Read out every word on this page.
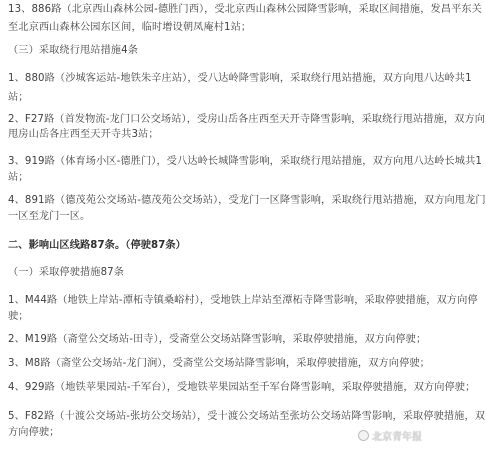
13、886路（北京西山森林公园-德胜门西），受北京西山森林公园降雪影响，采取区间措施，发昌平东关
至北京西山森林公园东区间，临时增设朝凤庵村1站；
（三）采取绕行甩站措施4条
1、880路（沙城客运站-地铁朱辛庄站），受八达岭降雪影响，采取绕行甩站措施，双方向甩八达岭共1
站；
2、F27路（首发物流-龙门口公交场站），受房山岳各庄西至天开寺降雪影响，采取绕行甩站措施，双方向
甩房山岳各庄西至天开寺共3站；
3、919路（体育场小区-德胜门），受八达岭长城降雪影响，采取绕行甩站措施，双方向甩八达岭长城共1
站；
4、891路（德茂苑公交场站-德茂苑公交场站），受龙门一区降雪影响，采取绕行甩站措施，双方向甩龙门
一区至龙门一区。
二、影响山区线路87条。（停驶87条）
（一）采取停驶措施87条
1、M44路（地铁上岸站-潭柘寺镇桑峪村），受地铁上岸站至潭柘寺降雪影响，采取停驶措施，双方向停
驶；
2、M19路（斋堂公交场站-田寺），受斋堂公交场站降雪影响，采取停驶措施，双方向停驶；
3、M8路（斋堂公交场站-龙门涧），受斋堂公交场站降雪影响，采取停驶措施，双方向停驶；
4、929路（地铁苹果园站-千军台），受地铁苹果园站至千军台降雪影响，采取停驶措施，双方向停驶；
5、F82路（十渡公交场站-张坊公交场站），受十渡公交场站至张坊公交场站降雪影响，采取停驶措施，双
方向停驶；	北京青年报
